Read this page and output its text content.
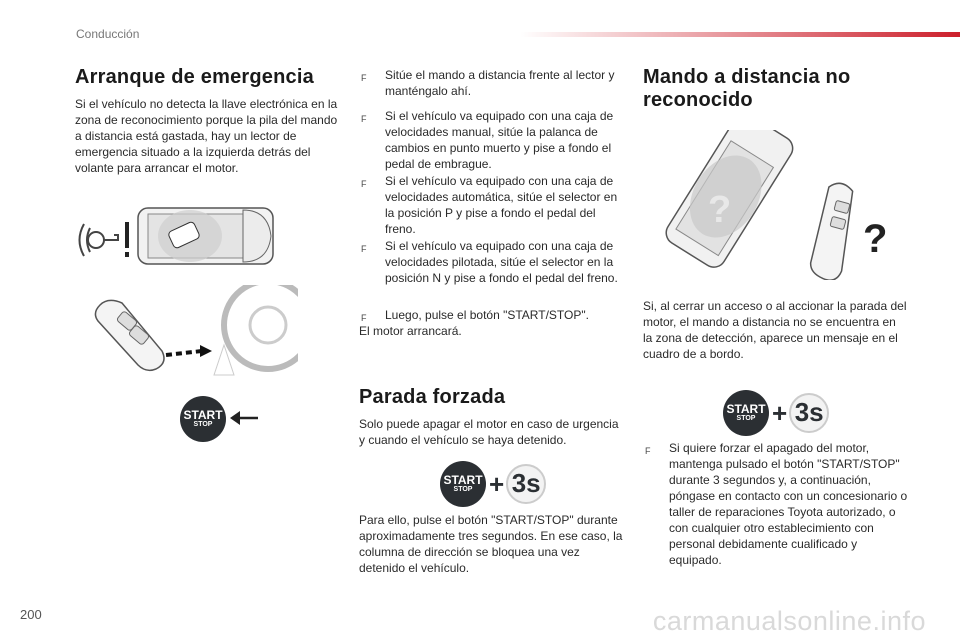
Conducción
Arranque de emergencia

Si el vehículo no detecta la llave electrónica en la zona de reconocimiento porque la pila del mando a distancia está gastada, hay un lector de emergencia situado a la izquierda detrás del volante para arrancar el motor.

START
STOP
F Sitúe el mando a distancia frente al lector y manténgalo ahí.
F Si el vehículo va equipado con una caja de velocidades manual, sitúe la palanca de cambios en punto muerto y pise a fondo el pedal de embrague.
F Si el vehículo va equipado con una caja de velocidades automática, sitúe el selector en la posición P y pise a fondo el pedal del freno.
F Si el vehículo va equipado con una caja de velocidades pilotada, sitúe el selector en la posición N y pise a fondo el pedal del freno.
F Luego, pulse el botón "START/STOP".

El motor arrancará.

Parada forzada

Solo puede apagar el motor en caso de urgencia y cuando el vehículo se haya detenido.

START
STOP + 3s

Para ello, pulse el botón "START/STOP" durante aproximadamente tres segundos. En ese caso, la columna de dirección se bloquea una vez detenido el vehículo.

Mando a distancia no
reconocido
?
?

Si, al cerrar un acceso o al accionar la parada del motor, el mando a distancia no se encuentra en la zona de detección, aparece un mensaje en el cuadro de a bordo.

START
STOP + 3s
F Si quiere forzar el apagado del motor, mantenga pulsado el botón "START/STOP" durante 3 segundos y, a continuación, póngase en contacto con un concesionario o taller de reparaciones Toyota autorizado, o con cualquier otro establecimiento con personal debidamente cualificado y equipado.
200	carmanualsonline.info
